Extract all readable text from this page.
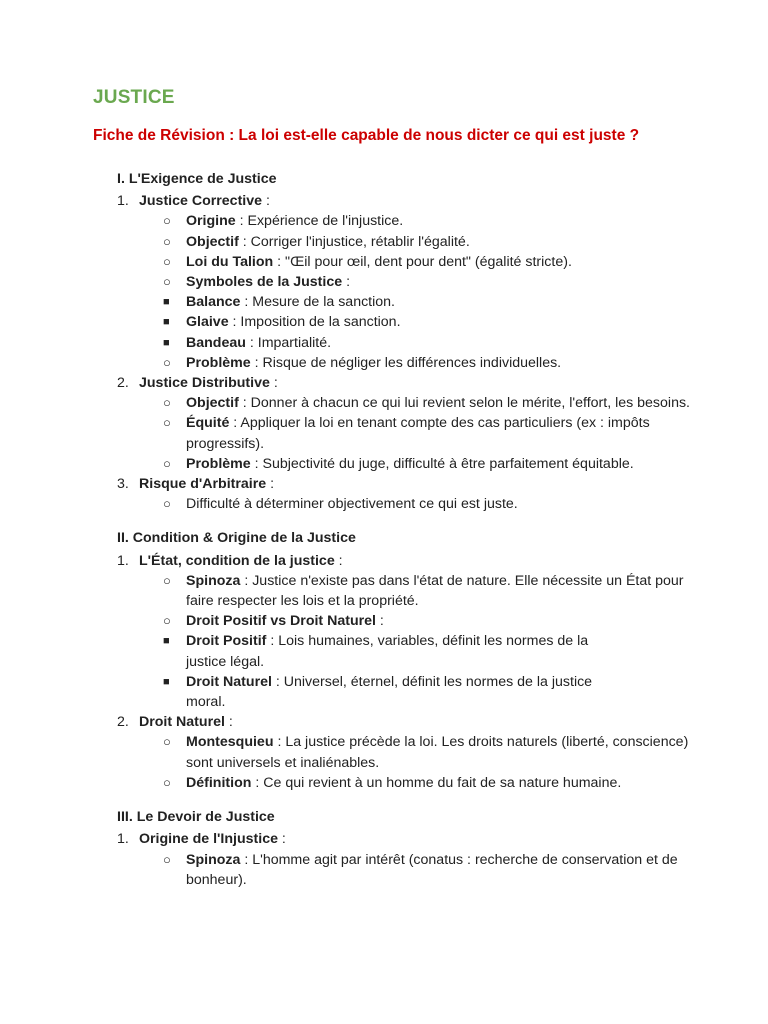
JUSTICE
Fiche de Révision : La loi est-elle capable de nous dicter ce qui est juste ?
I. L'Exigence de Justice
1. Justice Corrective :
○ Origine : Expérience de l'injustice.
○ Objectif : Corriger l'injustice, rétablir l'égalité.
○ Loi du Talion : "Œil pour œil, dent pour dent" (égalité stricte).
○ Symboles de la Justice :
■ Balance : Mesure de la sanction.
■ Glaive : Imposition de la sanction.
■ Bandeau : Impartialité.
○ Problème : Risque de négliger les différences individuelles.
2. Justice Distributive :
○ Objectif : Donner à chacun ce qui lui revient selon le mérite, l'effort, les besoins.
○ Équité : Appliquer la loi en tenant compte des cas particuliers (ex : impôts progressifs).
○ Problème : Subjectivité du juge, difficulté à être parfaitement équitable.
3. Risque d'Arbitraire :
○ Difficulté à déterminer objectivement ce qui est juste.
II. Condition & Origine de la Justice
1. L'État, condition de la justice :
○ Spinoza : Justice n'existe pas dans l'état de nature. Elle nécessite un État pour faire respecter les lois et la propriété.
○ Droit Positif vs Droit Naturel :
■ Droit Positif : Lois humaines, variables, définit les normes de la justice légal.
■ Droit Naturel : Universel, éternel, définit les normes de la justice moral.
2. Droit Naturel :
○ Montesquieu : La justice précède la loi. Les droits naturels (liberté, conscience) sont universels et inaliénables.
○ Définition : Ce qui revient à un homme du fait de sa nature humaine.
III. Le Devoir de Justice
1. Origine de l'Injustice :
○ Spinoza : L'homme agit par intérêt (conatus : recherche de conservation et de bonheur).
